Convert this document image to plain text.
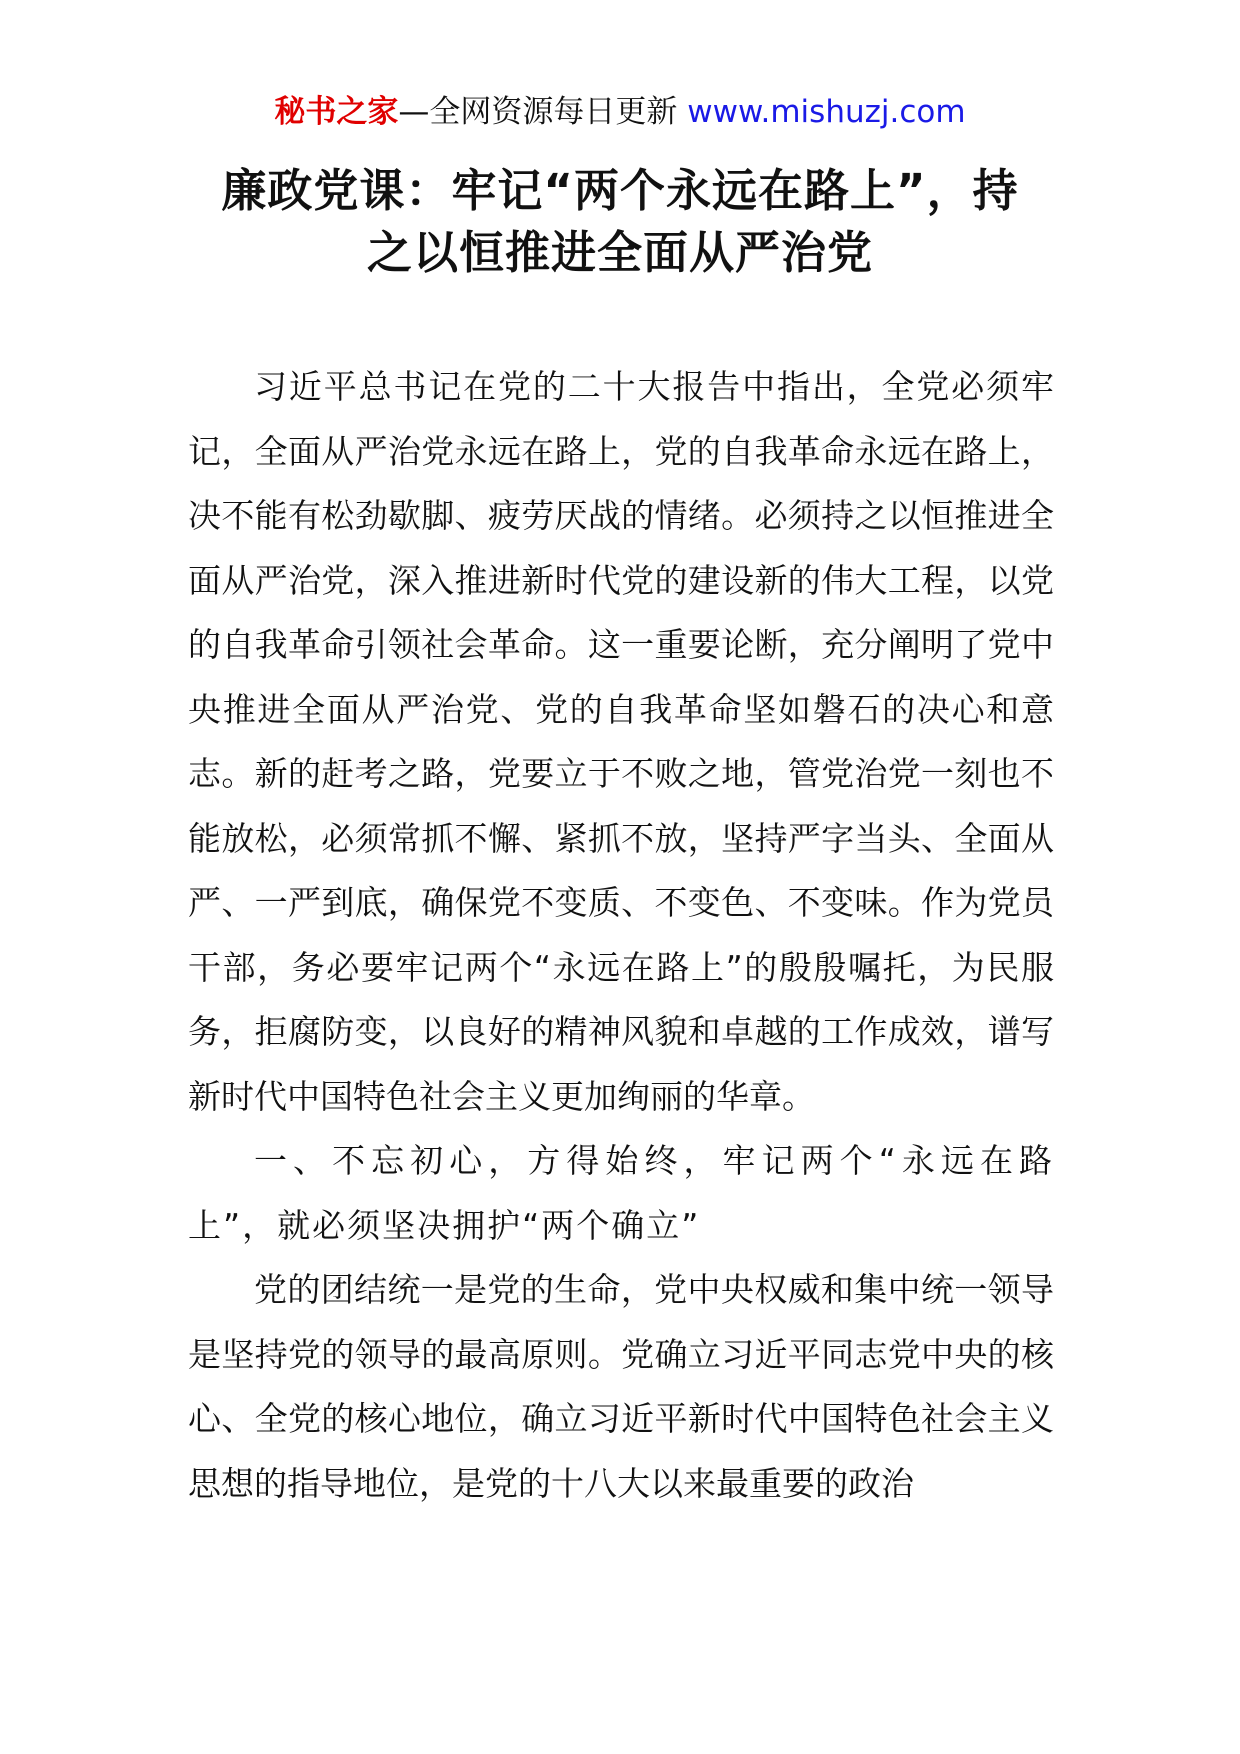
秘书之家—全网资源每日更新 www.mishuzj.com
廉政党课：牢记“两个永远在路上”，持
之以恒推进全面从严治党

习近平总书记在党的二十大报告中指出，全党必须牢记，全面从严治党永远在路上，党的自我革命永远在路上，决不能有松劲歇脚、疲劳厌战的情绪。必须持之以恒推进全面从严治党，深入推进新时代党的建设新的伟大工程，以党的自我革命引领社会革命。这一重要论断，充分阐明了党中央推进全面从严治党、党的自我革命坚如磐石的决心和意志。新的赶考之路，党要立于不败之地，管党治党一刻也不能放松，必须常抓不懈、紧抓不放，坚持严字当头、全面从严、一严到底，确保党不变质、不变色、不变味。作为党员干部，务必要牢记两个“永远在路上”的殷殷嘱托，为民服务，拒腐防变，以良好的精神风貌和卓越的工作成效，谱写新时代中国特色社会主义更加绚丽的华章。

一、不忘初心，方得始终，牢记两个“永远在路上”，就必须坚决拥护“两个确立”

党的团结统一是党的生命，党中央权威和集中统一领导是坚持党的领导的最高原则。党确立习近平同志党中央的核心、全党的核心地位，确立习近平新时代中国特色社会主义思想的指导地位，是党的十八大以来最重要的政治
